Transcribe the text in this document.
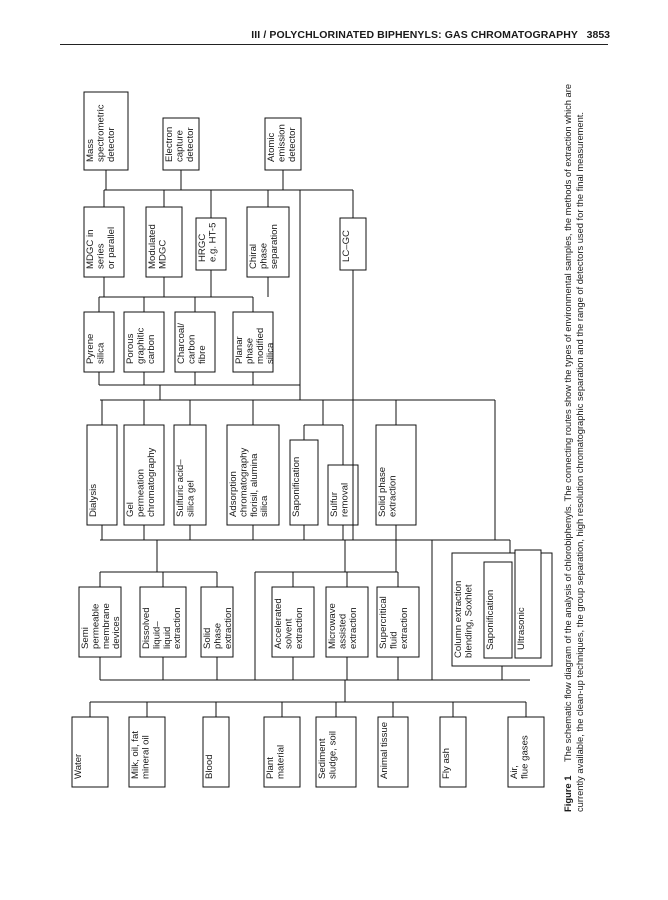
III / POLYCHLORINATED BIPHENYLS: GAS CHROMATOGRAPHY 3853
Water	Milk, oil, fat mineral oil	Blood	Plant material	Sediment sludge, soil	Animal tissue	Fly ash	Air, flue gases
Semi permeable membrane devices Dissolved liquid– liquid extraction Solid phase extraction	Accelerated solvent extraction Microwave assisted extraction Supercritical fluid extraction	Column extraction blending, Soxhlet Saponification Ultrasonic
Dialysis	Gel permeation chromatography Sulfuric acid– silica gel	Adsorption chromatography florisil, alumina silica Saponification	Sulfur removal	Solid phase extraction
Pyrene silica Porous graphitic carbon Charcoal/ carbon fibre	Planar phase modified silica
MDGC in series or parallel	Modulated MDGC	HRGC e.g. HT-5	Chiral phase separation	LC–GC
Mass spectrometric detector	Electron capture detector	Atomic emission detector
Figure 1
The schematic flow diagram of the analysis of chlorobiphenyls. The connecting routes show the types of environmental samples, the methods of extraction which are currently available, the clean-up techniques, the group separation, high resolution chromatographic separation and the range of detectors used for the final measurement.
